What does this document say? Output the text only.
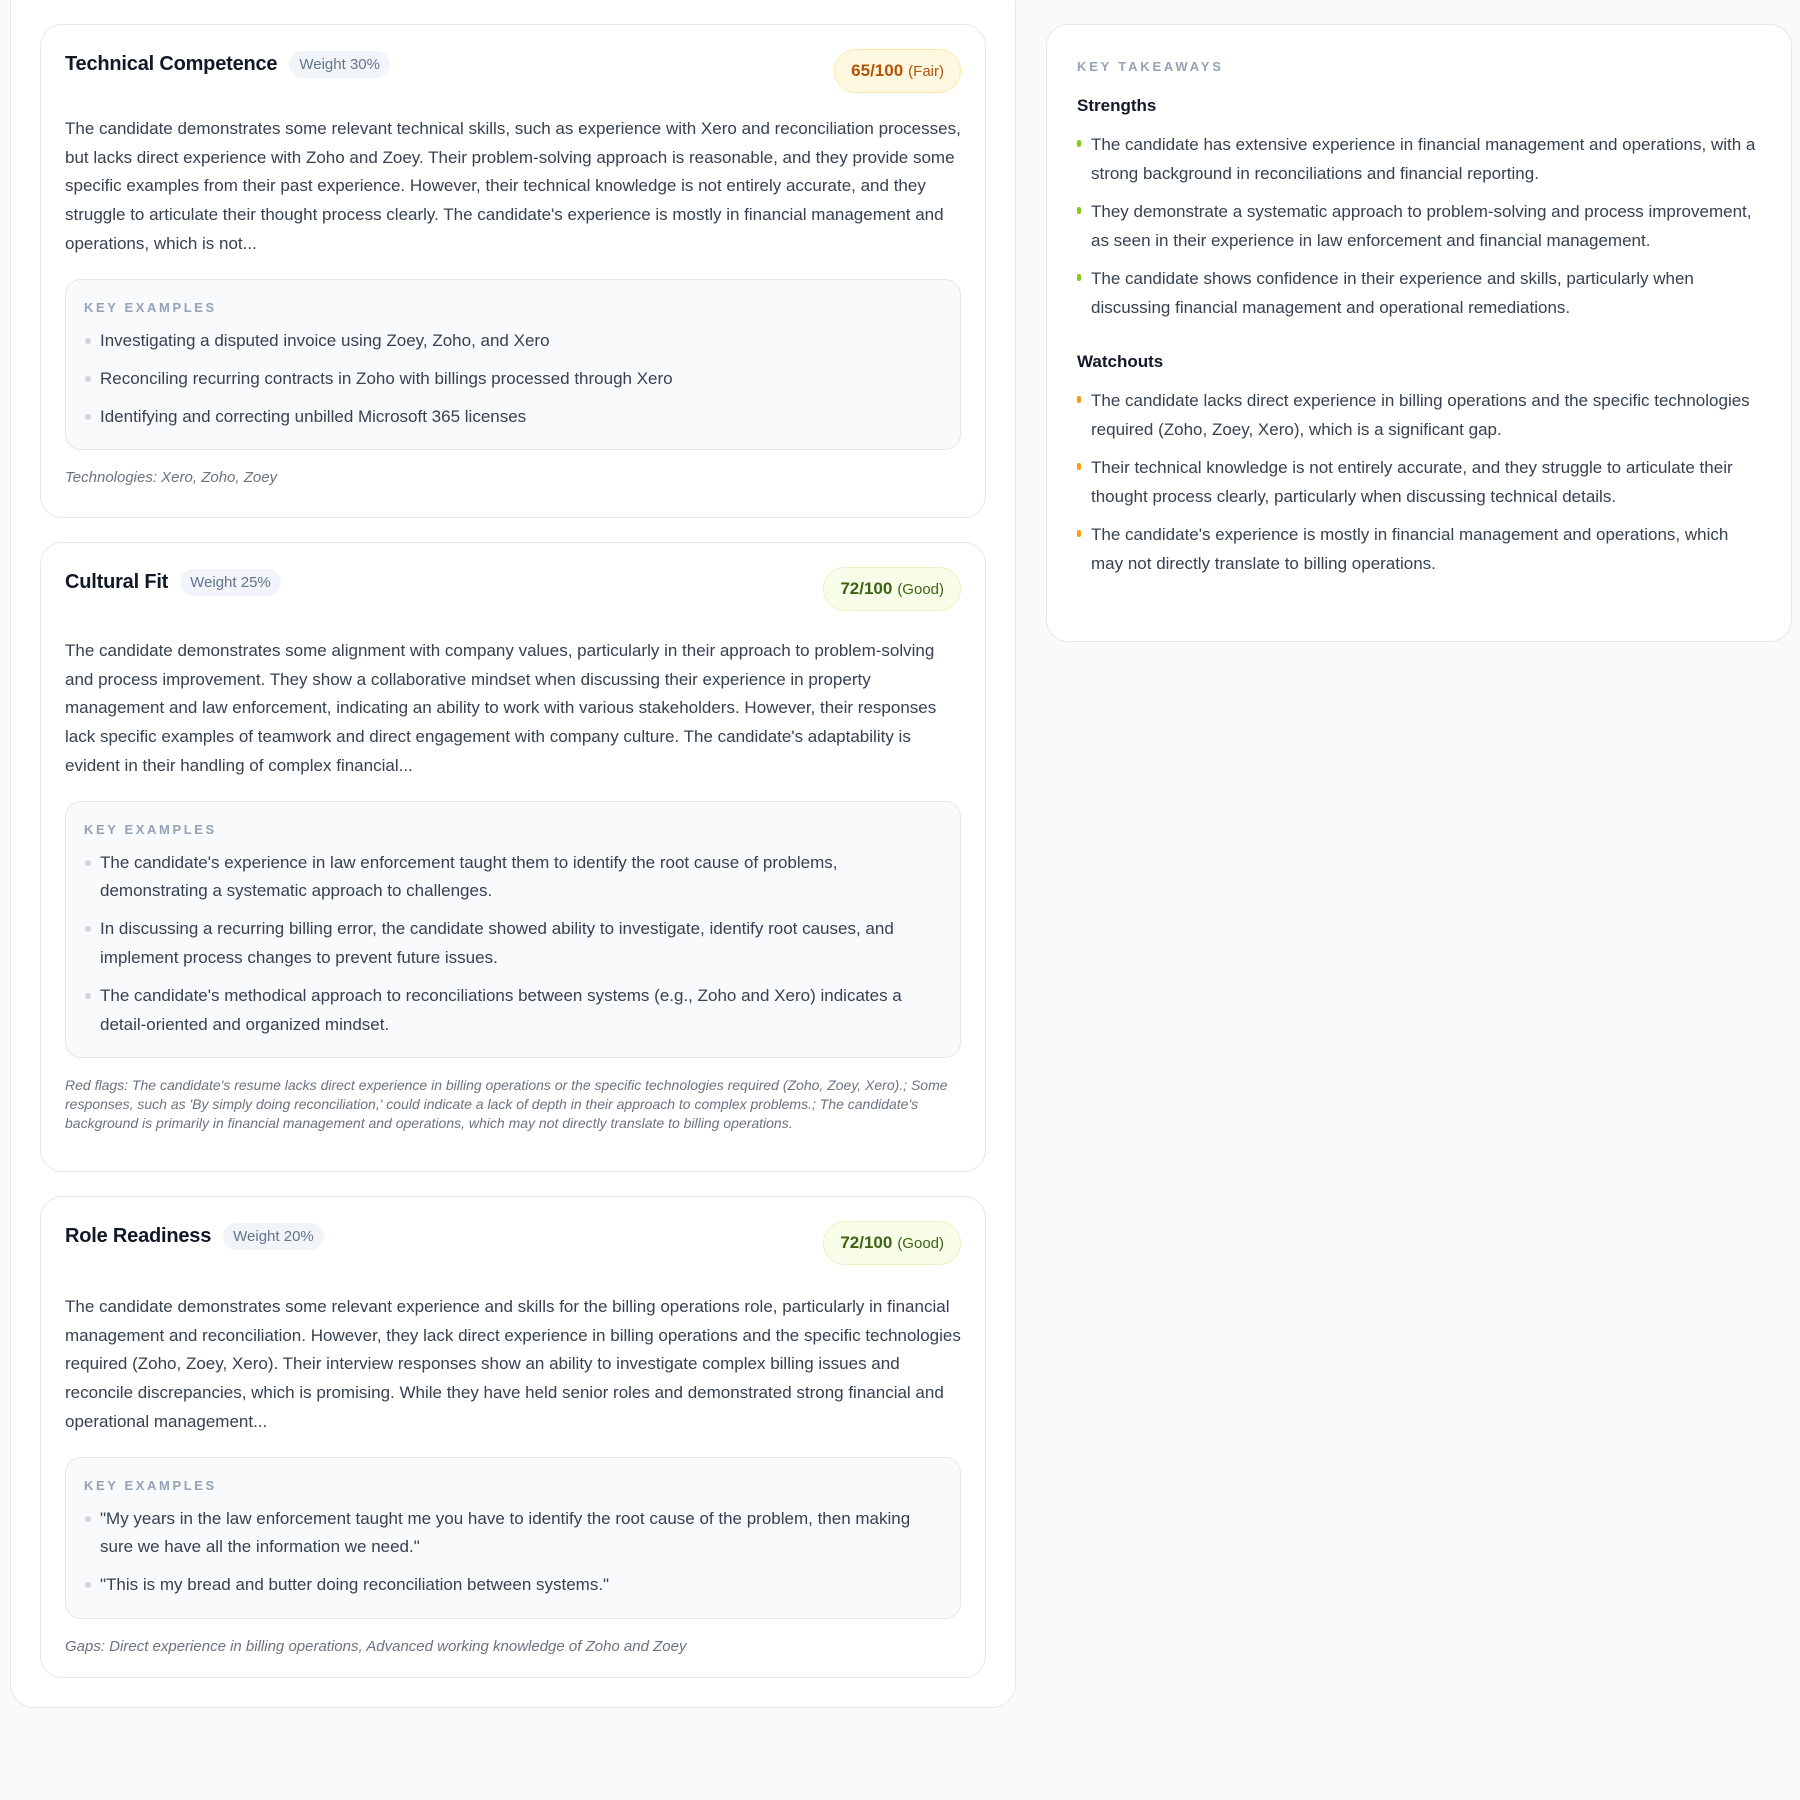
Technical Competence	Weight 30%	65/100 (Fair)
The candidate demonstrates some relevant technical skills, such as experience with Xero and reconciliation processes, but lacks direct experience with Zoho and Zoey. Their problem-solving approach is reasonable, and they provide some specific examples from their past experience. However, their technical knowledge is not entirely accurate, and they struggle to articulate their thought process clearly. The candidate's experience is mostly in financial management and operations, which is not...
KEY EXAMPLES
Investigating a disputed invoice using Zoey, Zoho, and Xero
Reconciling recurring contracts in Zoho with billings processed through Xero
Identifying and correcting unbilled Microsoft 365 licenses
Technologies: Xero, Zoho, Zoey
Cultural Fit	Weight 25%	72/100 (Good)
The candidate demonstrates some alignment with company values, particularly in their approach to problem-solving and process improvement. They show a collaborative mindset when discussing their experience in property management and law enforcement, indicating an ability to work with various stakeholders. However, their responses lack specific examples of teamwork and direct engagement with company culture. The candidate's adaptability is evident in their handling of complex financial...
KEY EXAMPLES
The candidate's experience in law enforcement taught them to identify the root cause of problems, demonstrating a systematic approach to challenges.
In discussing a recurring billing error, the candidate showed ability to investigate, identify root causes, and implement process changes to prevent future issues.
The candidate's methodical approach to reconciliations between systems (e.g., Zoho and Xero) indicates a detail-oriented and organized mindset.
Red flags: The candidate's resume lacks direct experience in billing operations or the specific technologies required (Zoho, Zoey, Xero).; Some responses, such as 'By simply doing reconciliation,' could indicate a lack of depth in their approach to complex problems.; The candidate's background is primarily in financial management and operations, which may not directly translate to billing operations.
Role Readiness	Weight 20%	72/100 (Good)
The candidate demonstrates some relevant experience and skills for the billing operations role, particularly in financial management and reconciliation. However, they lack direct experience in billing operations and the specific technologies required (Zoho, Zoey, Xero). Their interview responses show an ability to investigate complex billing issues and reconcile discrepancies, which is promising. While they have held senior roles and demonstrated strong financial and operational management...
KEY EXAMPLES
"My years in the law enforcement taught me you have to identify the root cause of the problem, then making sure we have all the information we need."
"This is my bread and butter doing reconciliation between systems."
Gaps: Direct experience in billing operations, Advanced working knowledge of Zoho and Zoey
KEY TAKEAWAYS
Strengths
The candidate has extensive experience in financial management and operations, with a strong background in reconciliations and financial reporting.
They demonstrate a systematic approach to problem-solving and process improvement, as seen in their experience in law enforcement and financial management.
The candidate shows confidence in their experience and skills, particularly when discussing financial management and operational remediations.
Watchouts
The candidate lacks direct experience in billing operations and the specific technologies required (Zoho, Zoey, Xero), which is a significant gap.
Their technical knowledge is not entirely accurate, and they struggle to articulate their thought process clearly, particularly when discussing technical details.
The candidate's experience is mostly in financial management and operations, which may not directly translate to billing operations.
